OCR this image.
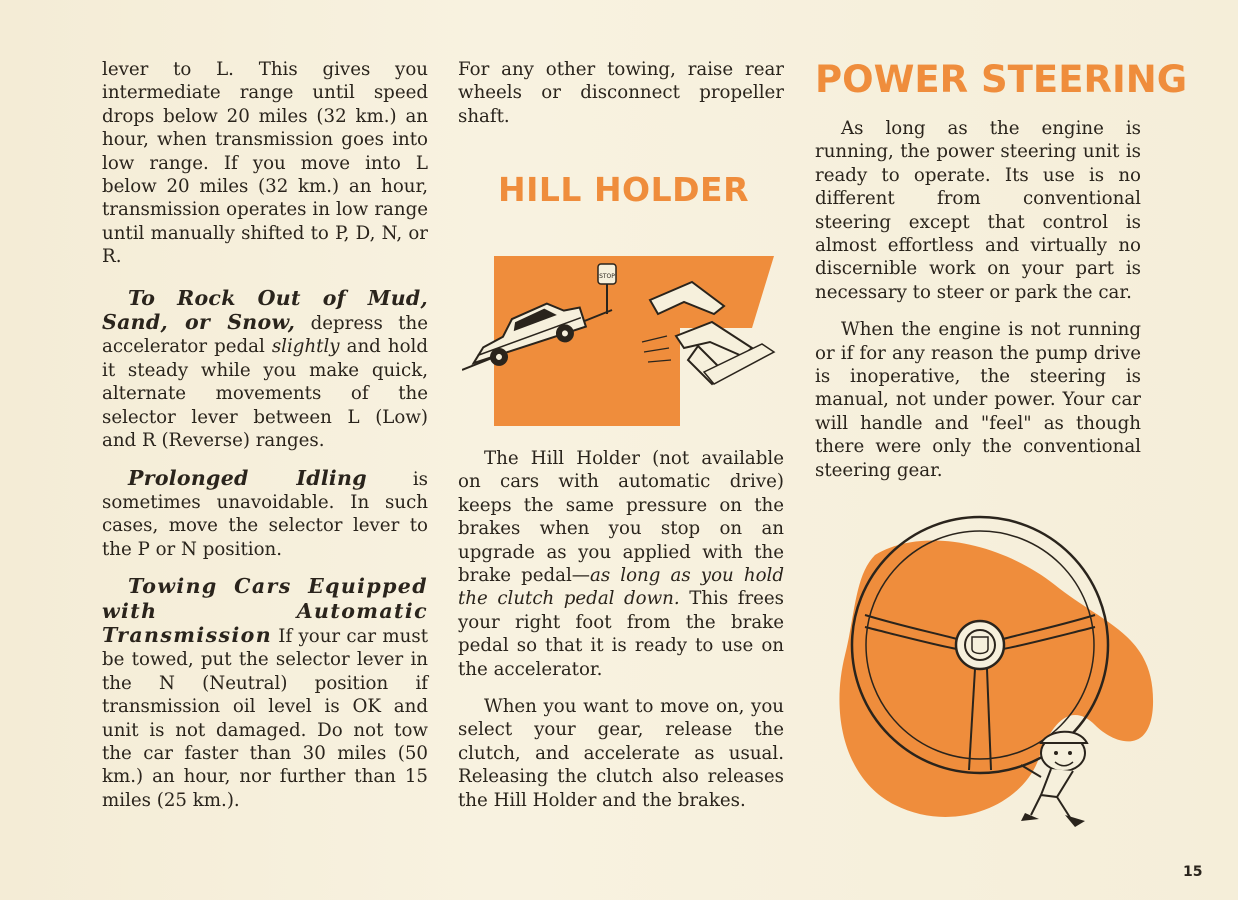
lever to L. This gives you intermediate range until speed drops below 20 miles (32 km.) an hour, when transmission goes into low range. If you move into L below 20 miles (32 km.) an hour, transmission operates in low range until manually shifted to P, D, N, or R.

To Rock Out of Mud, Sand, or Snow, depress the accelerator pedal slightly and hold it steady while you make quick, alternate movements of the selector lever between L (Low) and R (Reverse) ranges.

Prolonged Idling is sometimes unavoidable. In such cases, move the selector lever to the P or N position.

Towing Cars Equipped with Automatic Transmission If your car must be towed, put the selector lever in the N (Neutral) position if transmission oil level is OK and unit is not damaged. Do not tow the car faster than 30 miles (50 km.) an hour, nor further than 15 miles (25 km.).

For any other towing, raise rear wheels or disconnect propeller shaft.

HILL HOLDER
STOP

The Hill Holder (not available on cars with automatic drive) keeps the same pressure on the brakes when you stop on an upgrade as you applied with the brake pedal—as long as you hold the clutch pedal down. This frees your right foot from the brake pedal so that it is ready to use on the accelerator.

When you want to move on, you select your gear, release the clutch, and accelerate as usual. Releasing the clutch also releases the Hill Holder and the brakes.

POWER STEERING

As long as the engine is running, the power steering unit is ready to operate. Its use is no different from conventional steering except that control is almost effortless and virtually no discernible work on your part is necessary to steer or park the car.

When the engine is not running or if for any reason the pump drive is inoperative, the steering is manual, not under power. Your car will handle and "feel" as though there were only the conventional steering gear.

15
